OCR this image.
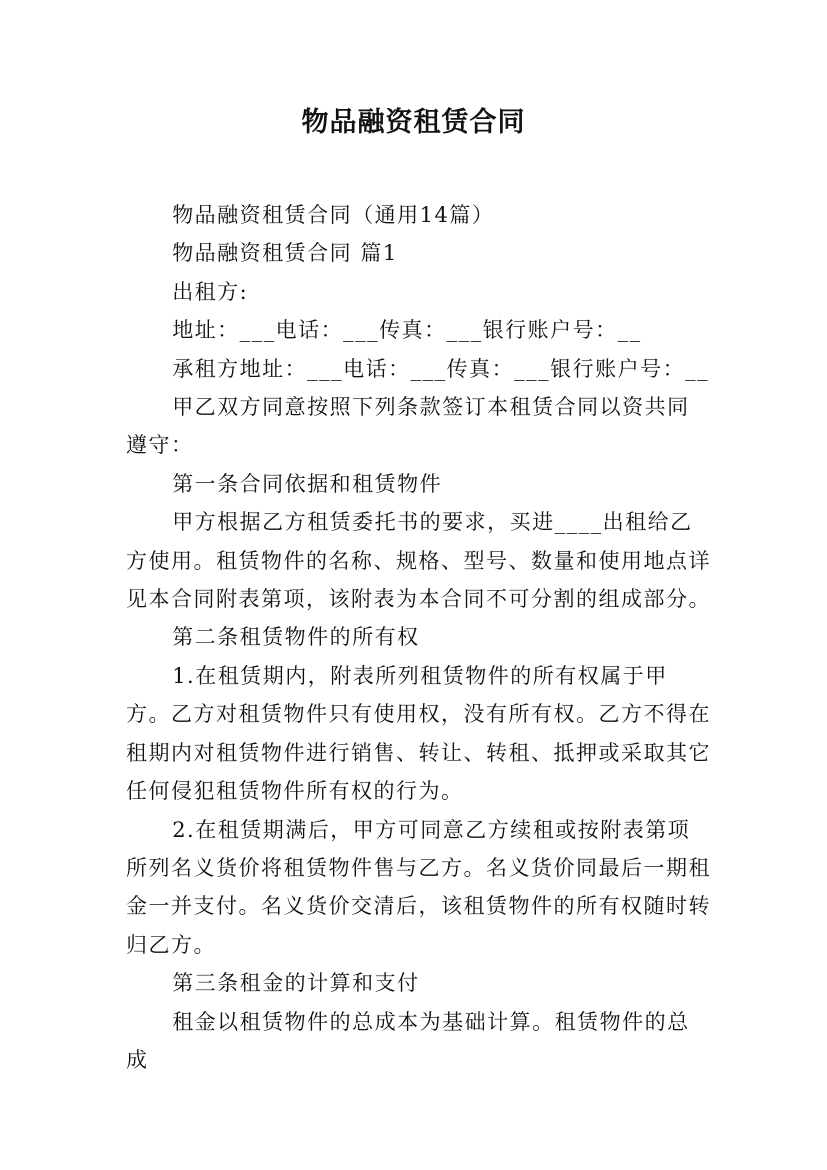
物品融资租赁合同

物品融资租赁合同（通用14篇）

物品融资租赁合同 篇1

出租方:

地址：___电话：___传真：___银行账户号：__

承租方地址：___电话：___传真：___银行账户号：__

甲乙双方同意按照下列条款签订本租赁合同以资共同遵守：

第一条合同依据和租赁物件

甲方根据乙方租赁委托书的要求，买进____出租给乙方使用。租赁物件的名称、规格、型号、数量和使用地点详见本合同附表第项，该附表为本合同不可分割的组成部分。

第二条租赁物件的所有权

1.在租赁期内，附表所列租赁物件的所有权属于甲方。乙方对租赁物件只有使用权，没有所有权。乙方不得在租期内对租赁物件进行销售、转让、转租、抵押或采取其它任何侵犯租赁物件所有权的行为。

2.在租赁期满后，甲方可同意乙方续租或按附表第项所列名义货价将租赁物件售与乙方。名义货价同最后一期租金一并支付。名义货价交清后，该租赁物件的所有权随时转归乙方。

第三条租金的计算和支付

租金以租赁物件的总成本为基础计算。租赁物件的总成
